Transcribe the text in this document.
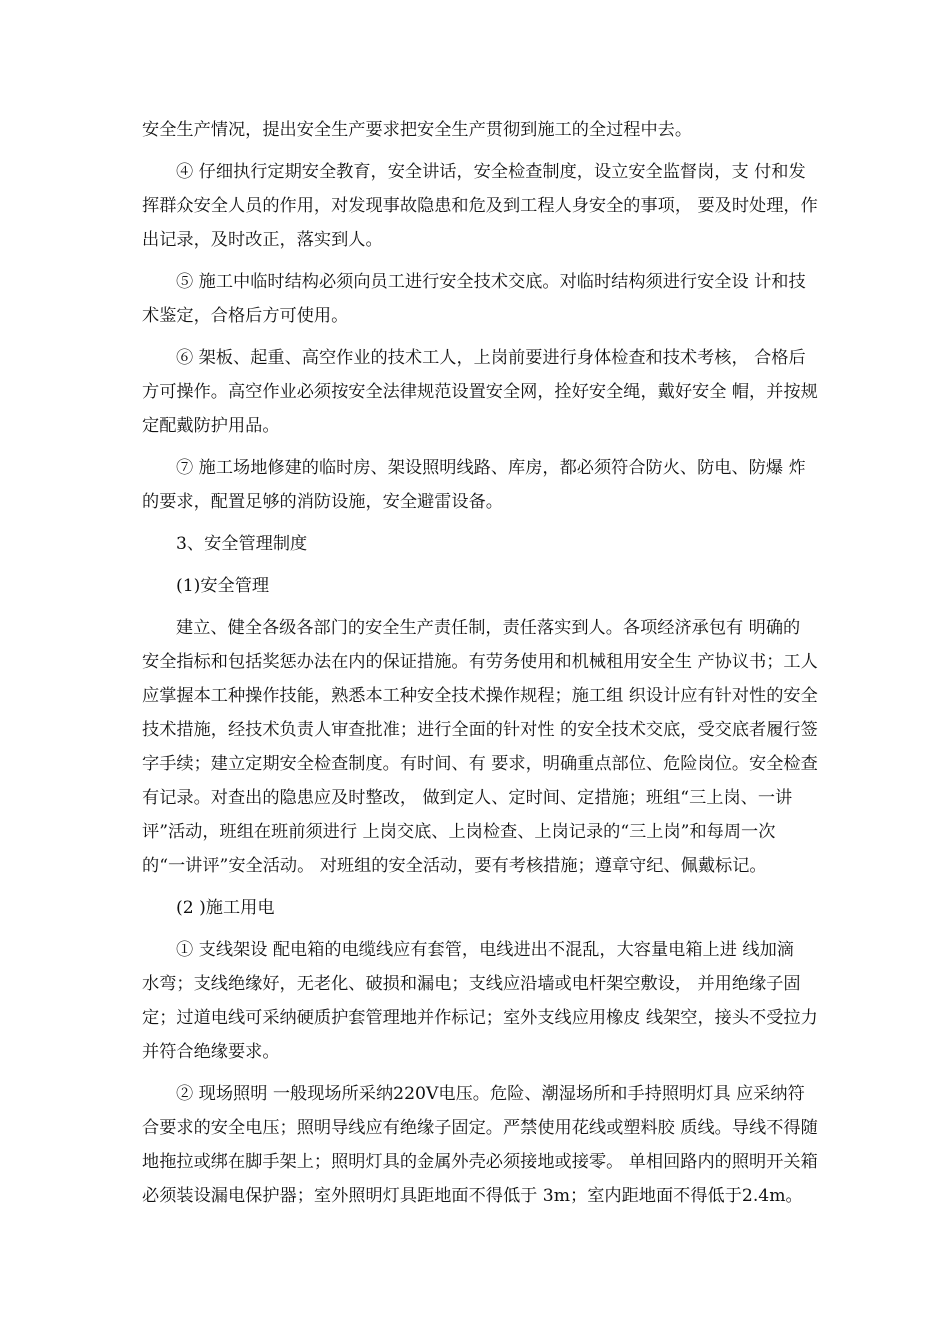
安全生产情况，提出安全生产要求把安全生产贯彻到施工的全过程中去。
④ 仔细执行定期安全教育，安全讲话，安全检查制度，设立安全监督岗，支 付和发
挥群众安全人员的作用，对发现事故隐患和危及到工程人身安全的事项， 要及时处理，作
出记录，及时改正，落实到人。
⑤ 施工中临时结构必须向员工进行安全技术交底。对临时结构须进行安全设 计和技
术鉴定，合格后方可使用。
⑥ 架板、起重、高空作业的技术工人，上岗前要进行身体检查和技术考核， 合格后
方可操作。高空作业必须按安全法律规范设置安全网，拴好安全绳，戴好安全 帽，并按规
定配戴防护用品。
⑦ 施工场地修建的临时房、架设照明线路、库房，都必须符合防火、防电、防爆 炸
的要求，配置足够的消防设施，安全避雷设备。
3、安全管理制度
(1)安全管理
建立、健全各级各部门的安全生产责任制，责任落实到人。各项经济承包有 明确的
安全指标和包括奖惩办法在内的保证措施。有劳务使用和机械租用安全生 产协议书；工人
应掌握本工种操作技能，熟悉本工种安全技术操作规程；施工组 织设计应有针对性的安全
技术措施，经技术负责人审查批准；进行全面的针对性 的安全技术交底，受交底者履行签
字手续；建立定期安全检查制度。有时间、有 要求，明确重点部位、危险岗位。安全检查
有记录。对查出的隐患应及时整改， 做到定人、定时间、定措施；班组“三上岗、一讲
评”活动，班组在班前须进行 上岗交底、上岗检查、上岗记录的“三上岗”和每周一次
的“一讲评”安全活动。 对班组的安全活动，要有考核措施；遵章守纪、佩戴标记。
(2 )施工用电
① 支线架设 配电箱的电缆线应有套管，电线进出不混乱，大容量电箱上进 线加滴
水弯；支线绝缘好，无老化、破损和漏电；支线应沿墙或电杆架空敷设， 并用绝缘子固
定；过道电线可采纳硬质护套管理地并作标记；室外支线应用橡皮 线架空，接头不受拉力
并符合绝缘要求。
② 现场照明 一般现场所采纳220V电压。危险、潮湿场所和手持照明灯具 应采纳符
合要求的安全电压；照明导线应有绝缘子固定。严禁使用花线或塑料胶 质线。导线不得随
地拖拉或绑在脚手架上；照明灯具的金属外壳必须接地或接零。 单相回路内的照明开关箱
必须装设漏电保护器；室外照明灯具距地面不得低于 3m；室内距地面不得低于2.4m。
